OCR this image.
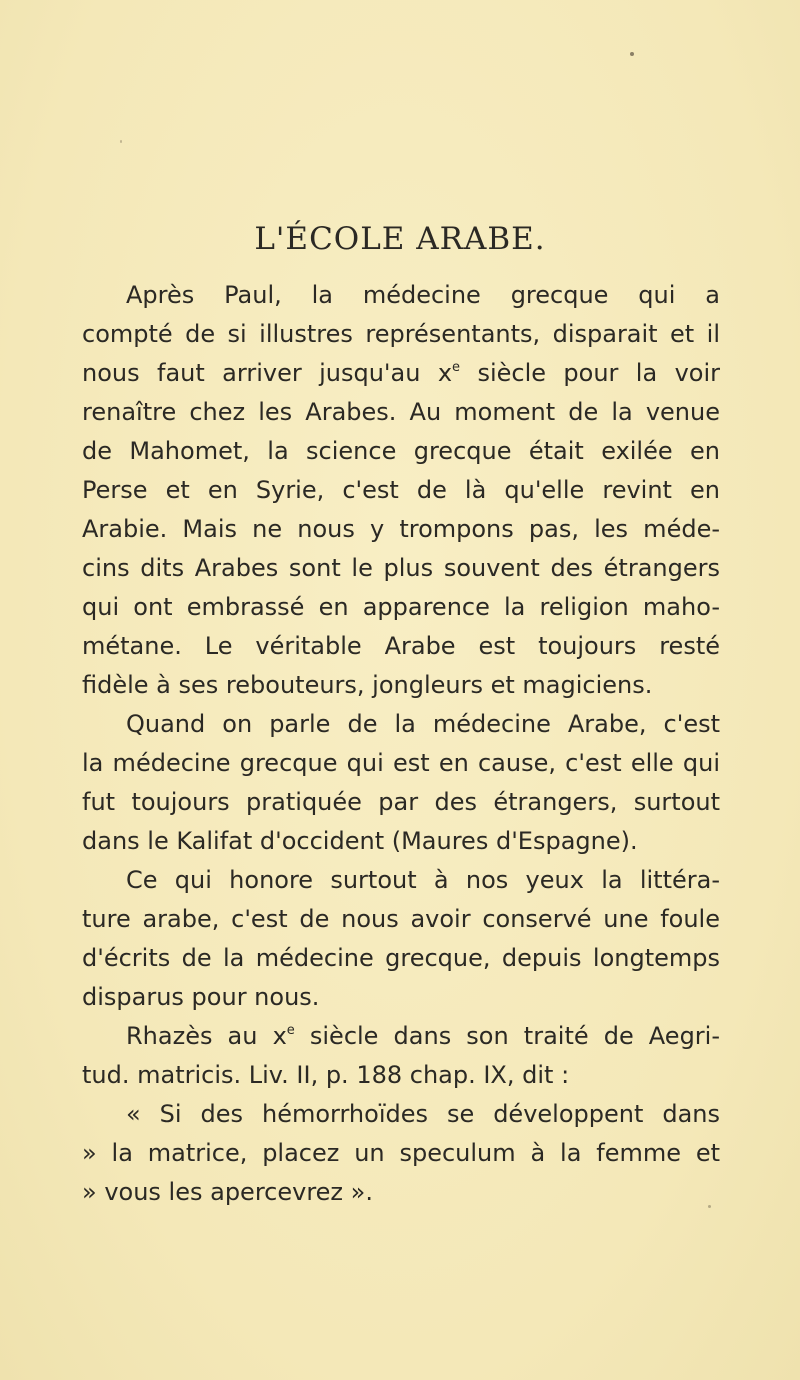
L'ÉCOLE ARABE.
Après Paul, la médecine grecque qui a
compté de si illustres représentants, disparait et il
nous faut arriver jusqu'au $x^e$ siècle pour la voir
renaître chez les Arabes. Au moment de la venue
de Mahomet, la science grecque était exilée en
Perse et en Syrie, c'est de là qu'elle revint en
Arabie. Mais ne nous y trompons pas, les méde-
cins dits Arabes sont le plus souvent des étrangers
qui ont embrassé en apparence la religion maho-
métane. Le véritable Arabe est toujours resté
fidèle à ses rebouteurs, jongleurs et magiciens.
Quand on parle de la médecine Arabe, c'est
la médecine grecque qui est en cause, c'est elle qui
fut toujours pratiquée par des étrangers, surtout
dans le Kalifat d'occident (Maures d'Espagne).
Ce qui honore surtout à nos yeux la littéra-
ture arabe, c'est de nous avoir conservé une foule
d'écrits de la médecine grecque, depuis longtemps
disparus pour nous.
Rhazès au $x^e$ siècle dans son traité de Aegri-
tud. matricis. Liv. II, p. 188 chap. IX, dit :
« Si des hémorrhoïdes se développent dans
» la matrice, placez un speculum à la femme et
» vous les apercevrez ».
